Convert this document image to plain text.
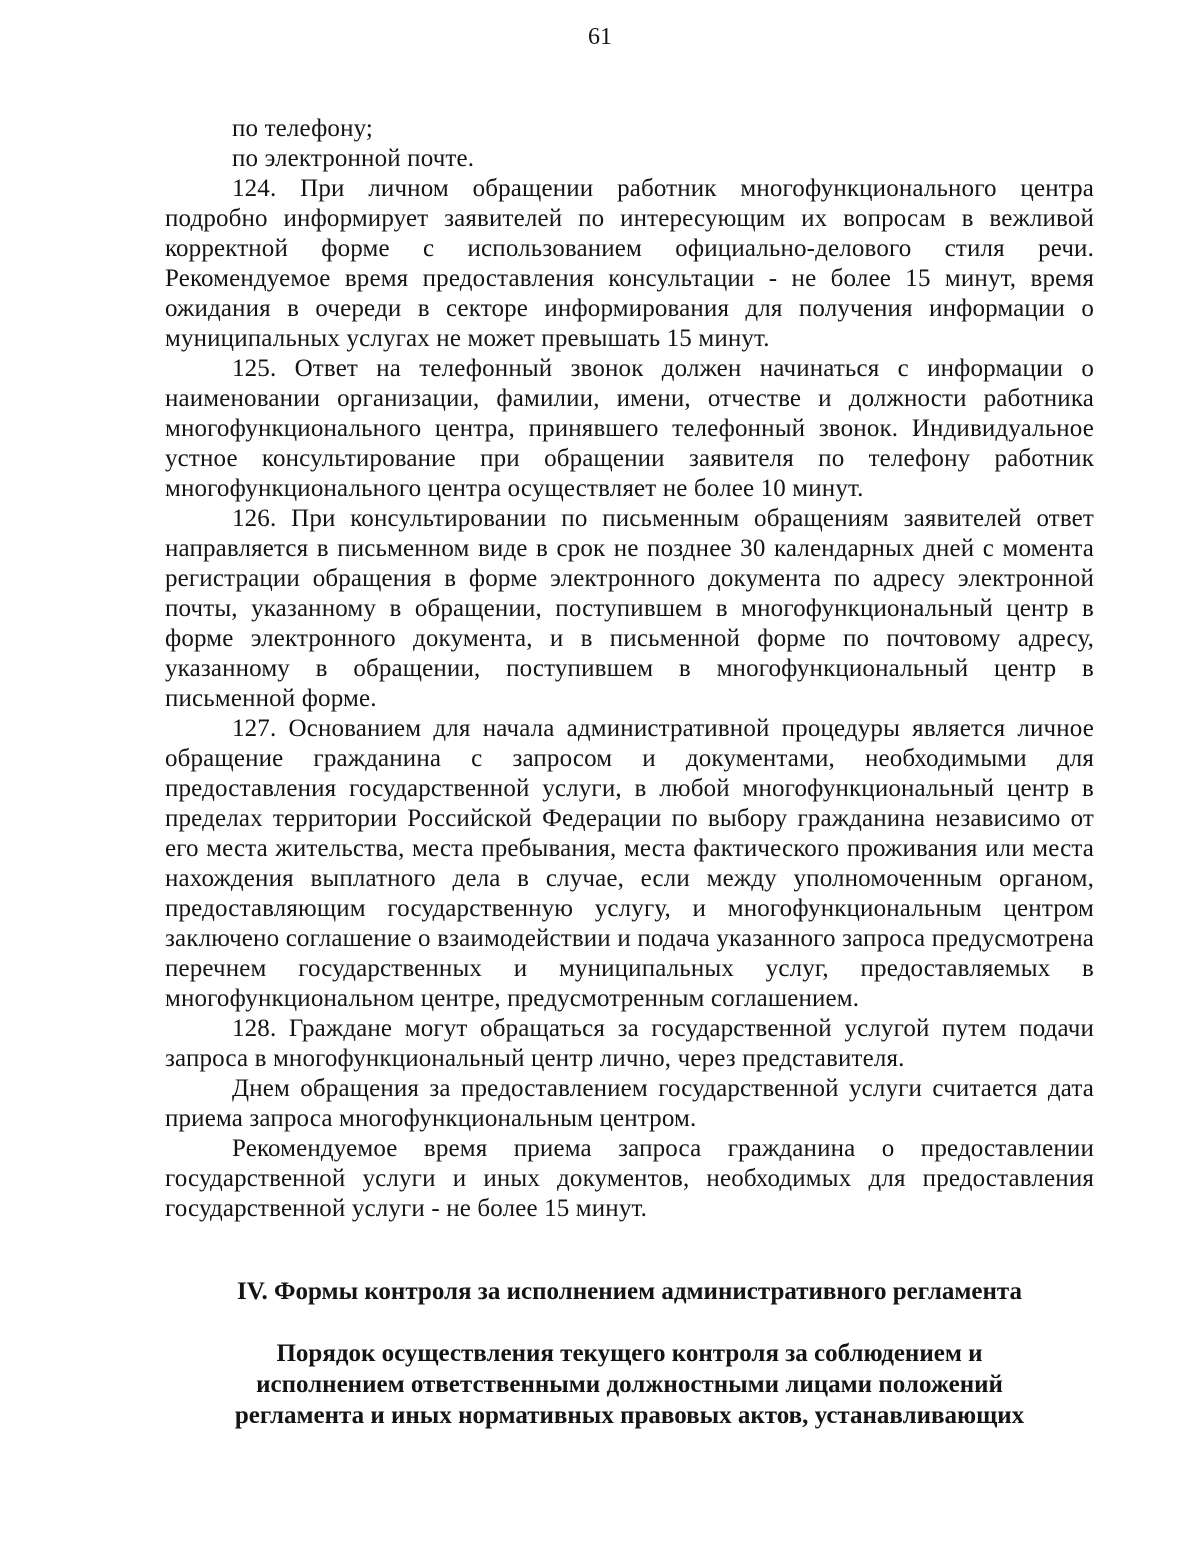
61

по телефону;

по электронной почте.

124. При личном обращении работник многофункционального центра подробно информирует заявителей по интересующим их вопросам в вежливой корректной форме с использованием официально-делового стиля речи. Рекомендуемое время предоставления консультации - не более 15 минут, время ожидания в очереди в секторе информирования для получения информации о муниципальных услугах не может превышать 15 минут.

125. Ответ на телефонный звонок должен начинаться с информации о наименовании организации, фамилии, имени, отчестве и должности работника многофункционального центра, принявшего телефонный звонок. Индивидуальное устное консультирование при обращении заявителя по телефону работник многофункционального центра осуществляет не более 10 минут.

126. При консультировании по письменным обращениям заявителей ответ направляется в письменном виде в срок не позднее 30 календарных дней с момента регистрации обращения в форме электронного документа по адресу электронной почты, указанному в обращении, поступившем в многофункциональный центр в форме электронного документа, и в письменной форме по почтовому адресу, указанному в обращении, поступившем в многофункциональный центр в письменной форме.

127. Основанием для начала административной процедуры является личное обращение гражданина с запросом и документами, необходимыми для предоставления государственной услуги, в любой многофункциональный центр в пределах территории Российской Федерации по выбору гражданина независимо от его места жительства, места пребывания, места фактического проживания или места нахождения выплатного дела в случае, если между уполномоченным органом, предоставляющим государственную услугу, и многофункциональным центром заключено соглашение о взаимодействии и подача указанного запроса предусмотрена перечнем государственных и муниципальных услуг, предоставляемых в многофункциональном центре, предусмотренным соглашением.

128. Граждане могут обращаться за государственной услугой путем подачи запроса в многофункциональный центр лично, через представителя.

Днем обращения за предоставлением государственной услуги считается дата приема запроса многофункциональным центром.

Рекомендуемое время приема запроса гражданина о предоставлении государственной услуги и иных документов, необходимых для предоставления государственной услуги - не более 15 минут.

IV. Формы контроля за исполнением административного регламента
Порядок осуществления текущего контроля за соблюдением и
исполнением ответственными должностными лицами положений
регламента и иных нормативных правовых актов, устанавливающих
